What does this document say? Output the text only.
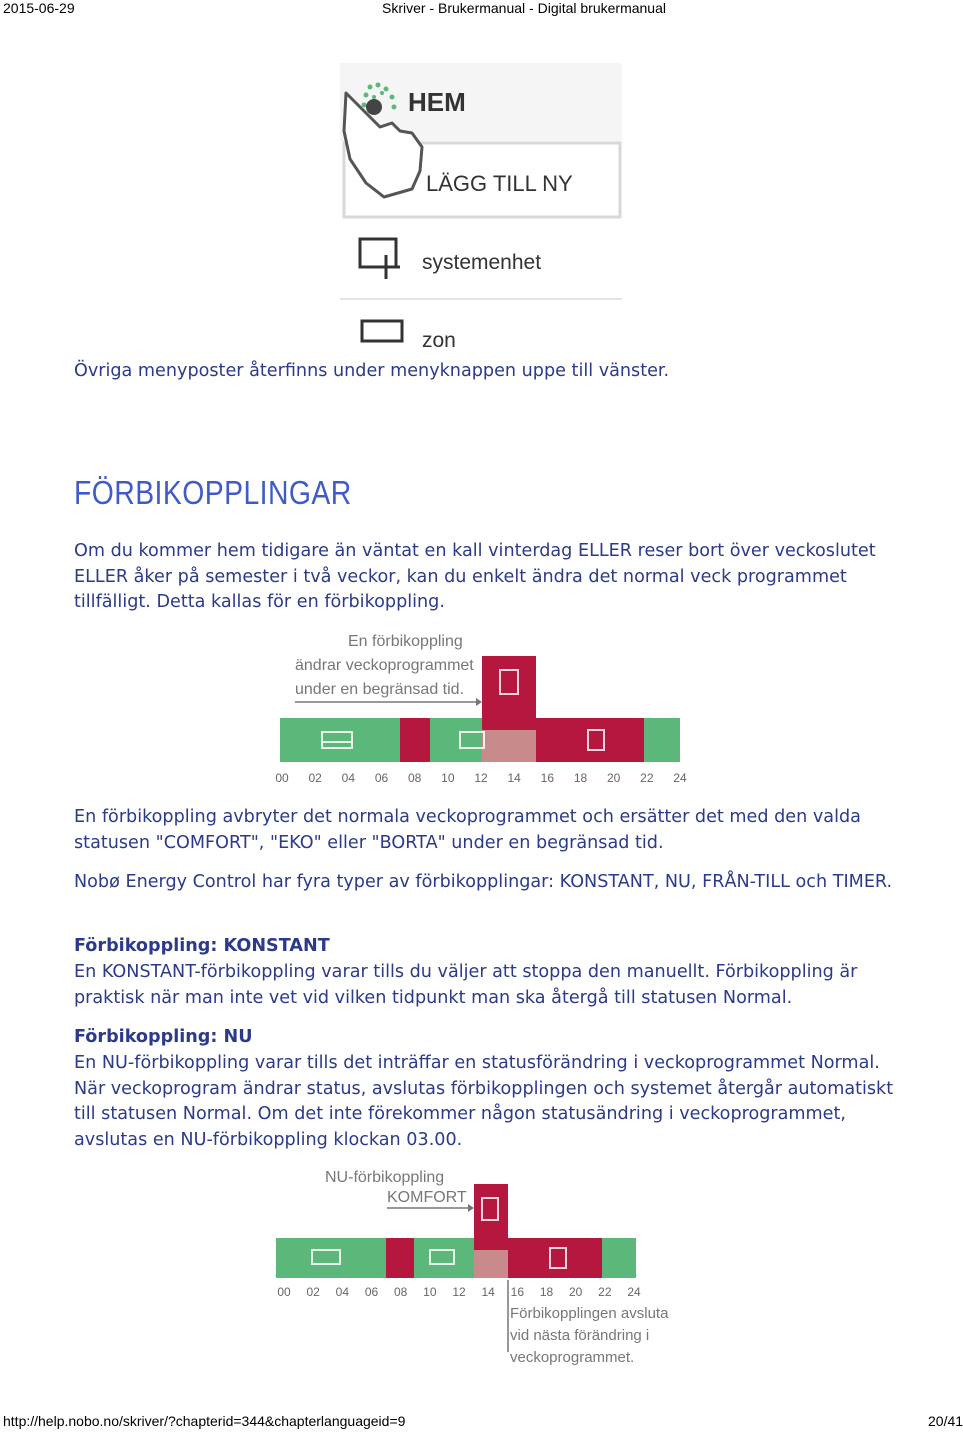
2015-06-29	Skriver - Brukermanual - Digital brukermanual
http://help.nobo.no/skriver/?chapterid=344&chapterlanguageid=9	20/41
HEM
LÄGG TILL NY
systemenhet
zon

Övriga menyposter återfinns under menyknappen uppe till vänster.

FÖRBIKOPPLINGAR

Om du kommer hem tidigare än väntat en kall vinterdag ELLER reser bort över veckoslutet ELLER åker på semester i två veckor, kan du enkelt ändra det normal veck programmet tillfälligt. Detta kallas för en förbikoppling.

En förbikoppling
ändrar veckoprogrammet
under en begränsad tid.
00 02 04 06 08 10 12 14 16 18 20 22 24

En förbikoppling avbryter det normala veckoprogrammet och ersätter det med den valda statusen "COMFORT", "EKO" eller "BORTA" under en begränsad tid.

Nobø Energy Control har fyra typer av förbikopplingar: KONSTANT, NU, FRÅN-TILL och TIMER.

Förbikoppling: KONSTANT

En KONSTANT-förbikoppling varar tills du väljer att stoppa den manuellt. Förbikoppling är praktisk när man inte vet vid vilken tidpunkt man ska återgå till statusen Normal.

Förbikoppling: NU

En NU-förbikoppling varar tills det inträffar en statusförändring i veckoprogrammet Normal. När veckoprogram ändrar status, avslutas förbikopplingen och systemet återgår automatiskt till statusen Normal. Om det inte förekommer någon statusändring i veckoprogrammet, avslutas en NU-förbikoppling klockan 03.00.

NU-förbikoppling
KOMFORT
Förbikopplingen avsluta
vid nästa förändring i
veckoprogrammet.
00 02 04 06 08 10 12 14 16 18 20 22 24
